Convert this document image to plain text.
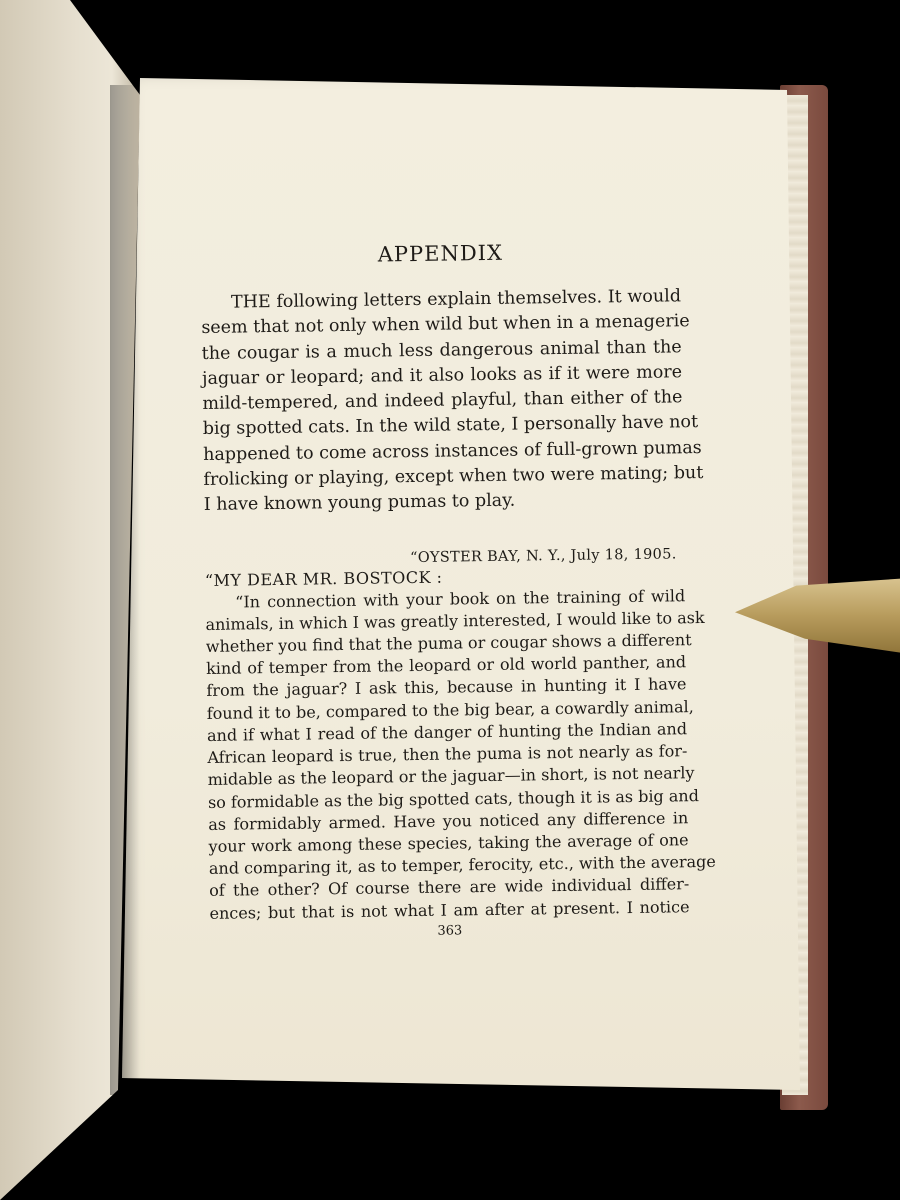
APPENDIX
THE following letters explain themselves. It would
seem that not only when wild but when in a menagerie
the cougar is a much less dangerous animal than the
jaguar or leopard; and it also looks as if it were more
mild-tempered, and indeed playful, than either of the
big spotted cats. In the wild state, I personally have not
happened to come across instances of full-grown pumas
frolicking or playing, except when two were mating; but
I have known young pumas to play.
“OYSTER BAY, N. Y., July 18, 1905.
“MY DEAR MR. BOSTOCK :
“In connection with your book on the training of wild
animals, in which I was greatly interested, I would like to ask
whether you find that the puma or cougar shows a different
kind of temper from the leopard or old world panther, and
from the jaguar? I ask this, because in hunting it I have
found it to be, compared to the big bear, a cowardly animal,
and if what I read of the danger of hunting the Indian and
African leopard is true, then the puma is not nearly as for-
midable as the leopard or the jaguar—in short, is not nearly
so formidable as the big spotted cats, though it is as big and
as formidably armed. Have you noticed any difference in
your work among these species, taking the average of one
and comparing it, as to temper, ferocity, etc., with the average
of the other? Of course there are wide individual differ-
ences; but that is not what I am after at present. I notice
363
